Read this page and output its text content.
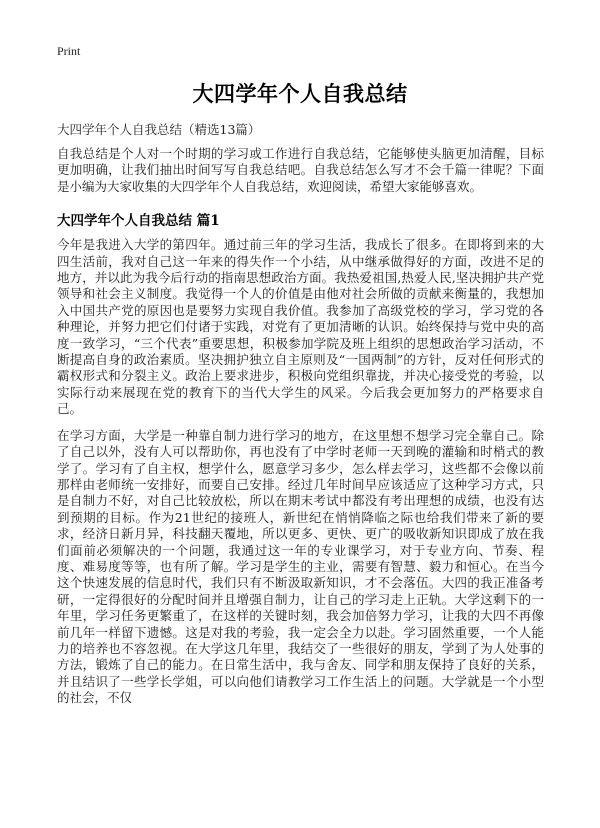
Print
大四学年个人自我总结
大四学年个人自我总结（精选13篇）

自我总结是个人对一个时期的学习或工作进行自我总结，它能够使头脑更加清醒，目标更加明确，让我们抽出时间写写自我总结吧。自我总结怎么写才不会千篇一律呢？下面是小编为大家收集的大四学年个人自我总结，欢迎阅读，希望大家能够喜欢。

大四学年个人自我总结 篇1

今年是我进入大学的第四年。通过前三年的学习生活，我成长了很多。在即将到来的大四生活前，我对自己这一年来的得失作一个小结，从中继承做得好的方面，改进不足的地方，并以此为我今后行动的指南思想政治方面。我热爱祖国,热爱人民,坚决拥护共产党领导和社会主义制度。我觉得一个人的价值是由他对社会所做的贡献来衡量的，我想加入中国共产党的原因也是要努力实现自我价值。我参加了高级党校的学习，学习党的各种理论，并努力把它们付诸于实践，对党有了更加清晰的认识。始终保持与党中央的高度一致学习，“三个代表”重要思想，积极参加学院及班上组织的思想政治学习活动，不断提高自身的政治素质。坚决拥护独立自主原则及“一国两制”的方针，反对任何形式的霸权形式和分裂主义。政治上要求进步，积极向党组织靠拢，并决心接受党的考验，以实际行动来展现在党的教育下的当代大学生的风采。今后我会更加努力的严格要求自己。

在学习方面，大学是一种靠自制力进行学习的地方，在这里想不想学习完全靠自己。除了自己以外，没有人可以帮助你，再也没有了中学时老师一天到晚的灌输和时梢式的教学了。学习有了自主权，想学什么，愿意学习多少，怎么样去学习，这些都不会像以前那样由老师统一安排好，而要自己安排。经过几年时间早应该适应了这种学习方式，只是自制力不好，对自己比较放松，所以在期末考试中都没有考出理想的成绩，也没有达到预期的目标。作为21世纪的接班人，新世纪在悄悄降临之际也给我们带来了新的要求，经济日新月异，科技翻天覆地，所以更多、更快、更广的吸收新知识即成了放在我们面前必须解决的一个问题，我通过这一年的专业课学习，对于专业方向、节奏、程度、难易度等等，也有所了解。学习是学生的主业，需要有智慧、毅力和恒心。在当今这个快速发展的信息时代，我们只有不断汲取新知识，才不会落伍。大四的我正准备考研，一定得很好的分配时间并且增强自制力，让自己的学习走上正轨。大学这剩下的一年里，学习任务更繁重了，在这样的关键时刻，我会加倍努力学习，让我的大四不再像前几年一样留下遗憾。这是对我的考验，我一定会全力以赴。学习固然重要，一个人能力的培养也不容忽视。在大学这几年里，我结交了一些很好的朋友，学到了为人处事的方法，锻炼了自己的能力。在日常生活中，我与舍友、同学和朋友保持了良好的关系，并且结识了一些学长学姐，可以向他们请教学习工作生活上的问题。大学就是一个小型的社会，不仅
